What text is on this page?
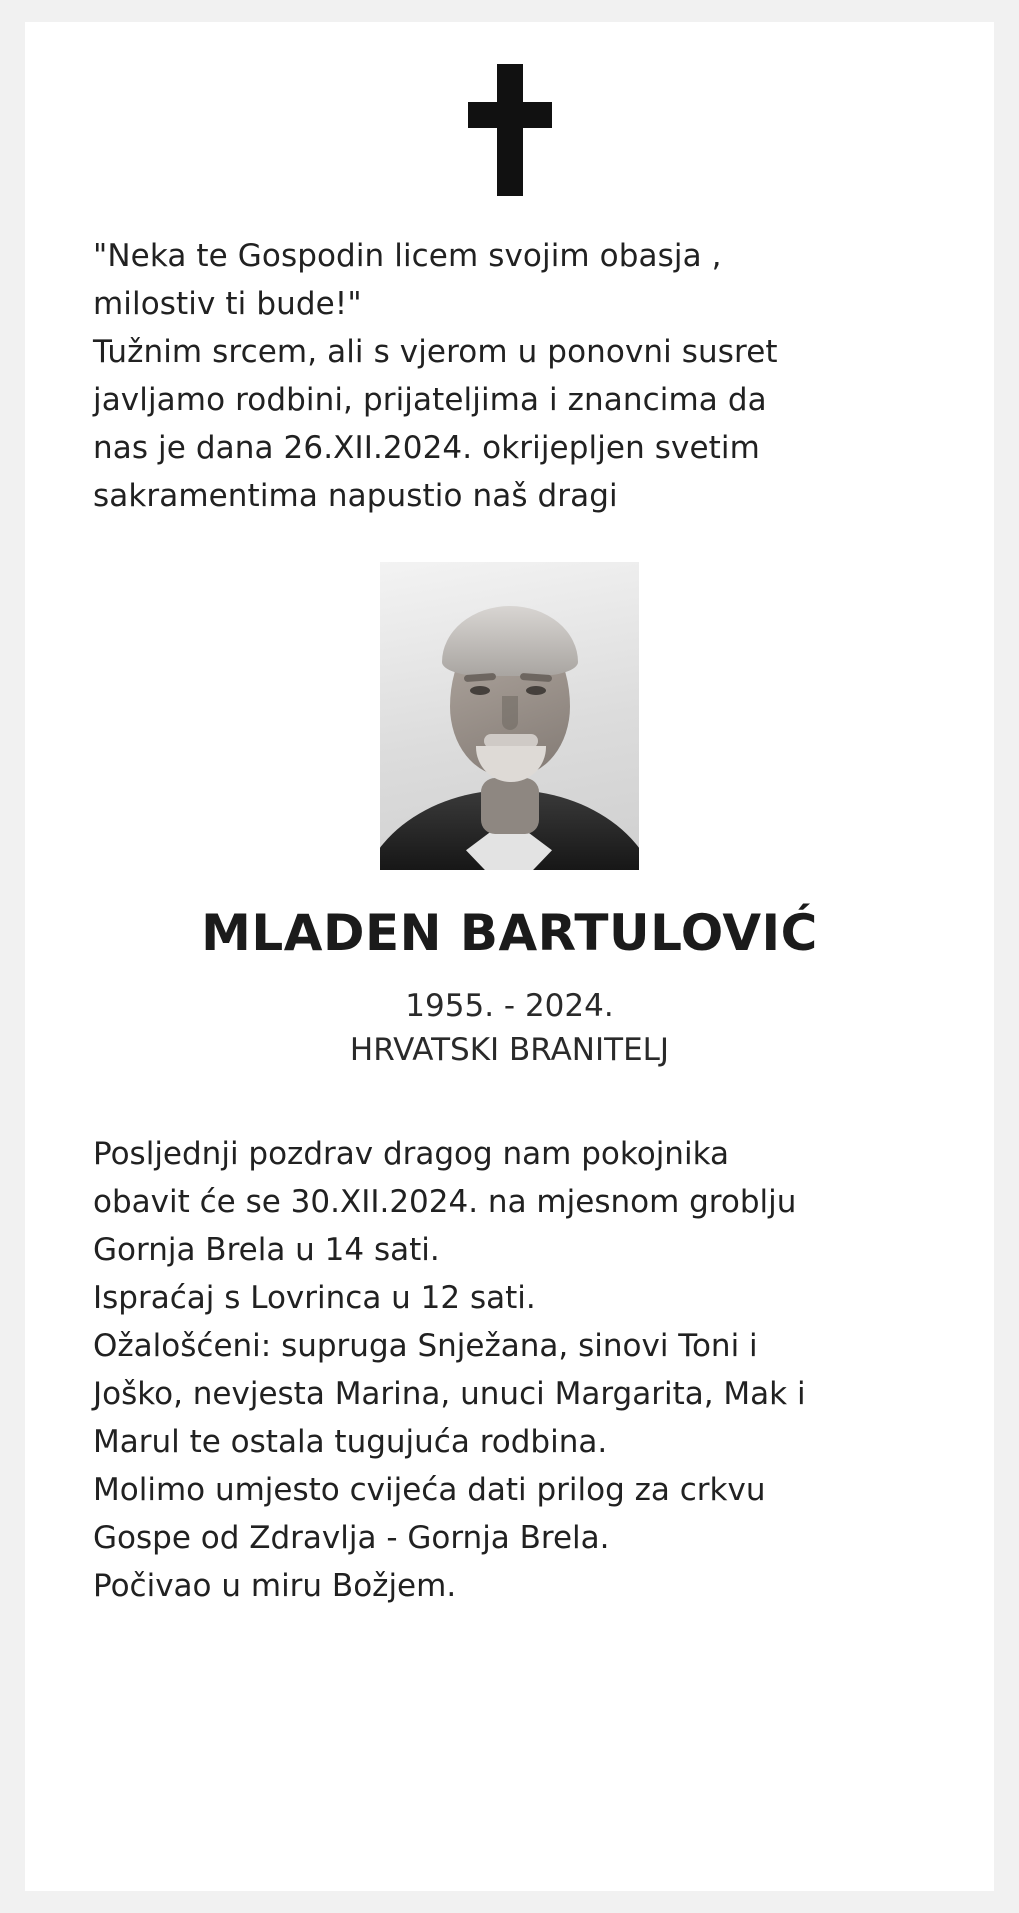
"Neka te Gospodin licem svojim obasja ,

milostiv ti bude!"

Tužnim srcem, ali s vjerom u ponovni susret

javljamo rodbini, prijateljima i znancima da

nas je dana 26.XII.2024. okrijepljen svetim

sakramentima napustio naš dragi

MLADEN BARTULOVIĆ
1955. - 2024.
HRVATSKI BRANITELJ

Posljednji pozdrav dragog nam pokojnika

obavit će se 30.XII.2024. na mjesnom groblju

Gornja Brela u 14 sati.

Ispraćaj s Lovrinca u 12 sati.

Ožalošćeni: supruga Snježana, sinovi Toni i

Joško, nevjesta Marina, unuci Margarita, Mak i

Marul te ostala tugujuća rodbina.

Molimo umjesto cvijeća dati prilog za crkvu

Gospe od Zdravlja - Gornja Brela.

Počivao u miru Božjem.
